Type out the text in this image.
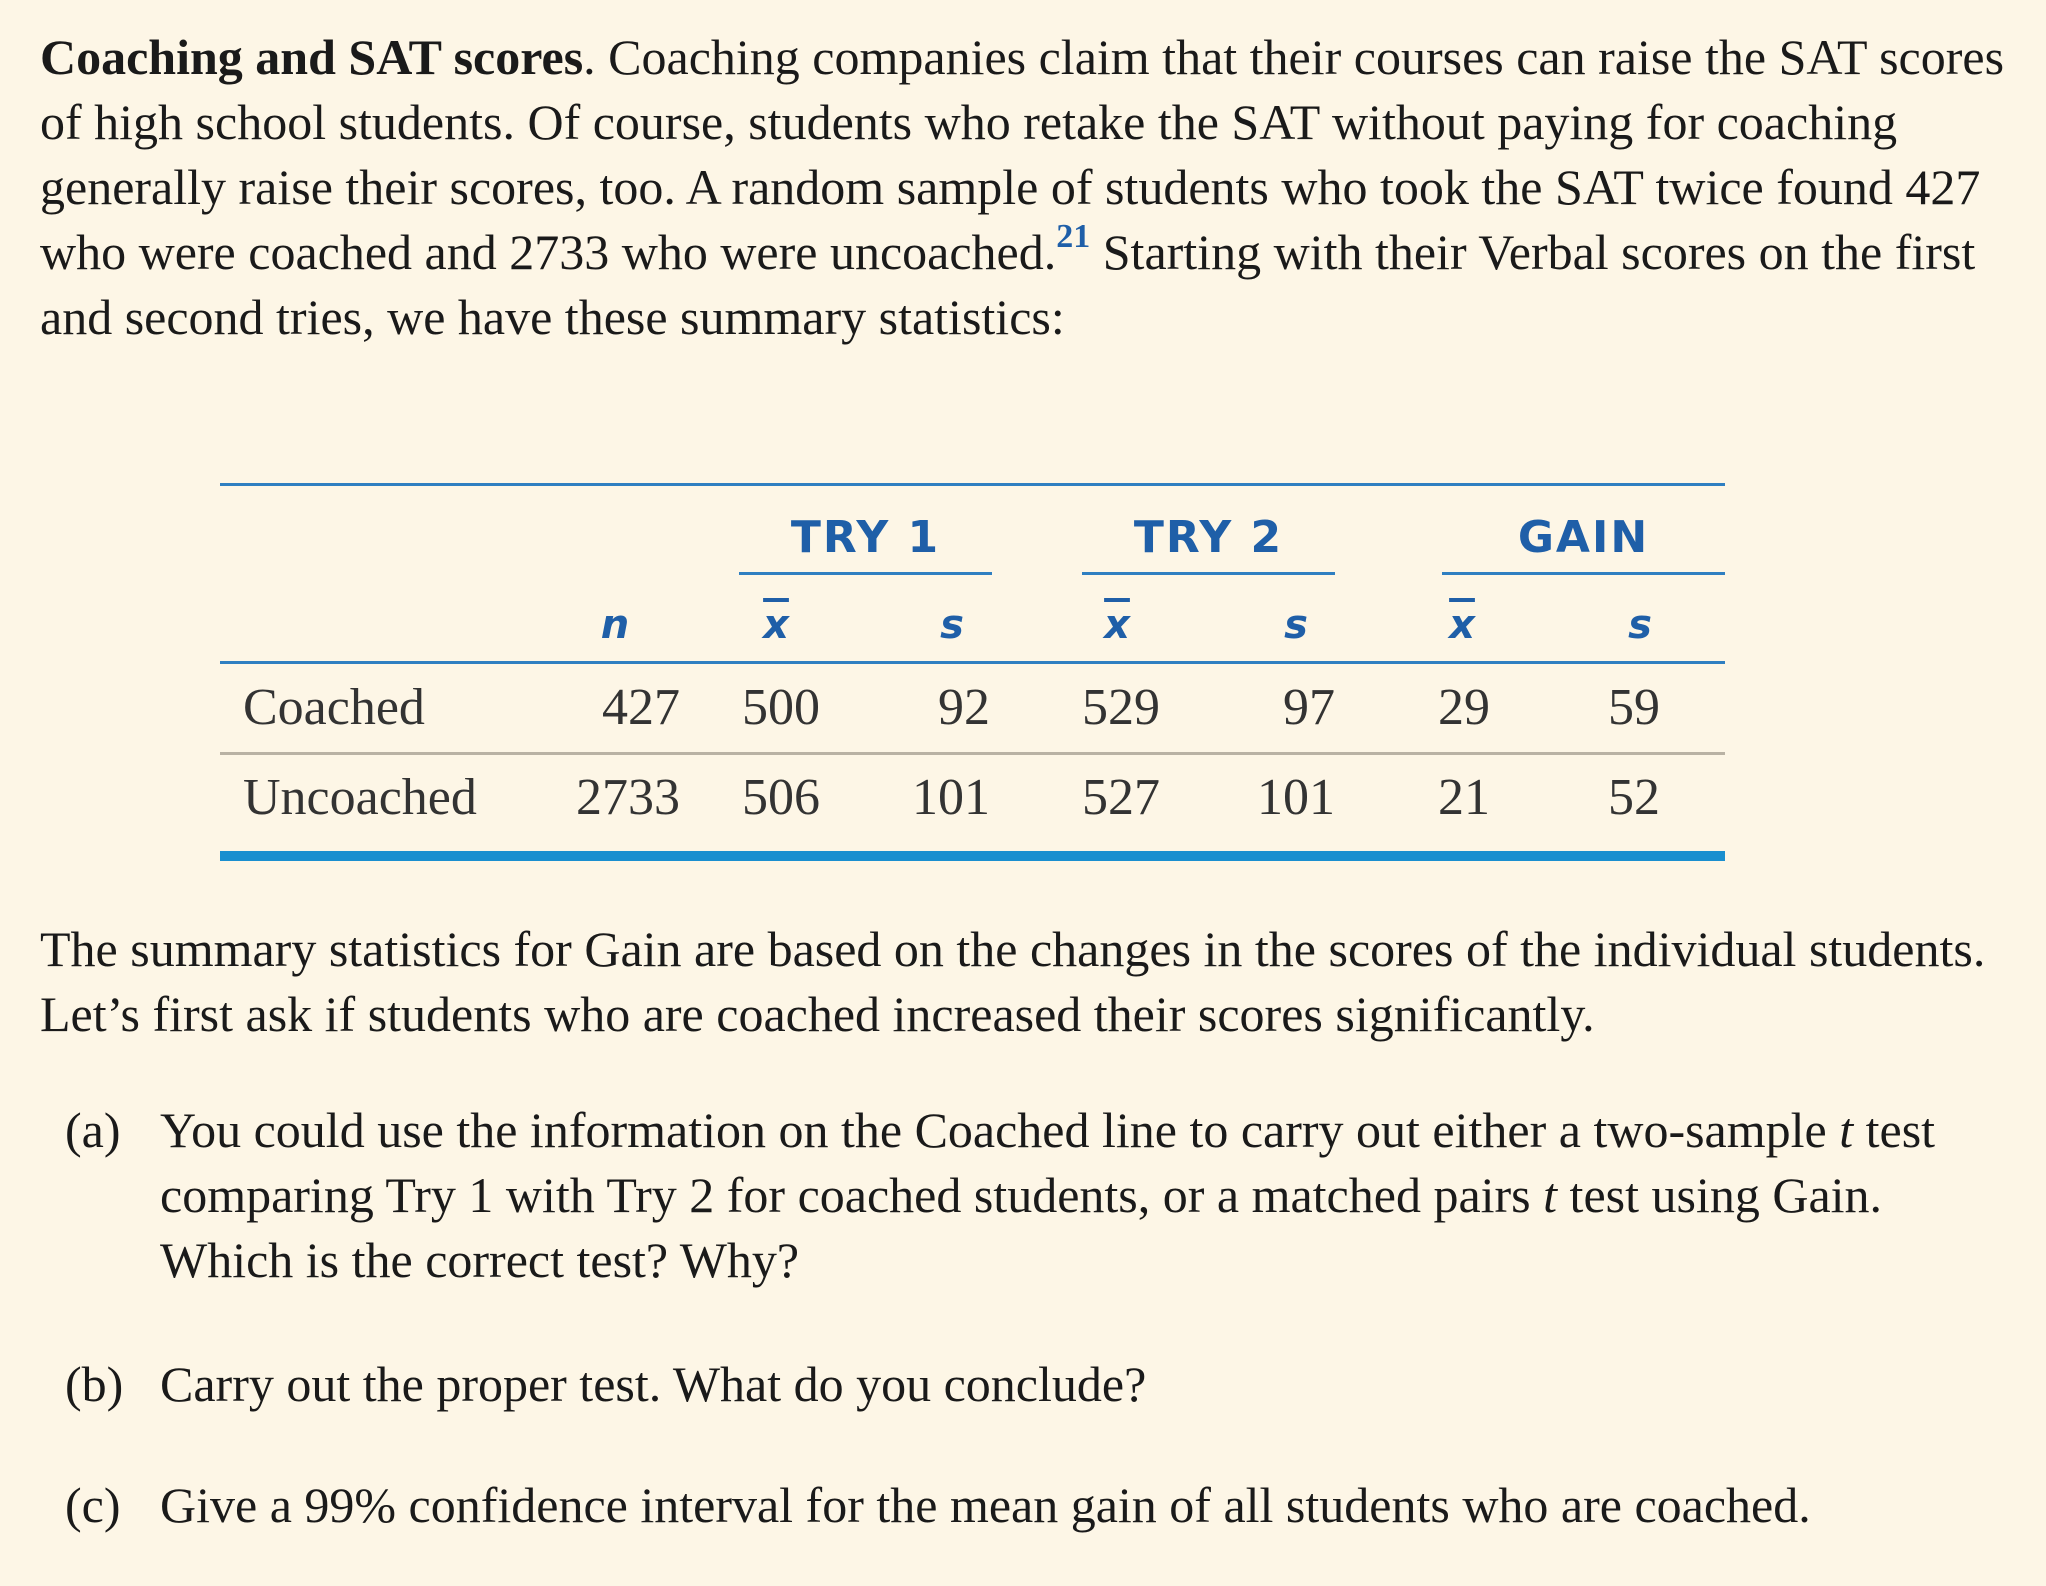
Coaching and SAT scores. Coaching companies claim that their courses can raise the SAT scores of high school students. Of course, students who retake the SAT without paying for coaching generally raise their scores, too. A random sample of students who took the SAT twice found 427 who were coached and 2733 who were uncoached.$^{21}$ Starting with their Verbal scores on the first and second tries, we have these summary statistics:

TRY 1	TRY 2	GAIN
n	$\overline{x}$	s	$\overline{x}$	s	$\overline{x}$	s
Coached	427	500	92	529	97	29	59
Uncoached	2733	506	101	527	101	21	52

The summary statistics for Gain are based on the changes in the scores of the individual students. Let’s first ask if students who are coached increased their scores significantly.

(a) You could use the information on the Coached line to carry out either a two-sample t test comparing Try 1 with Try 2 for coached students, or a matched pairs t test using Gain. Which is the correct test? Why?
(b) Carry out the proper test. What do you conclude?
(c) Give a 99% confidence interval for the mean gain of all students who are coached.
